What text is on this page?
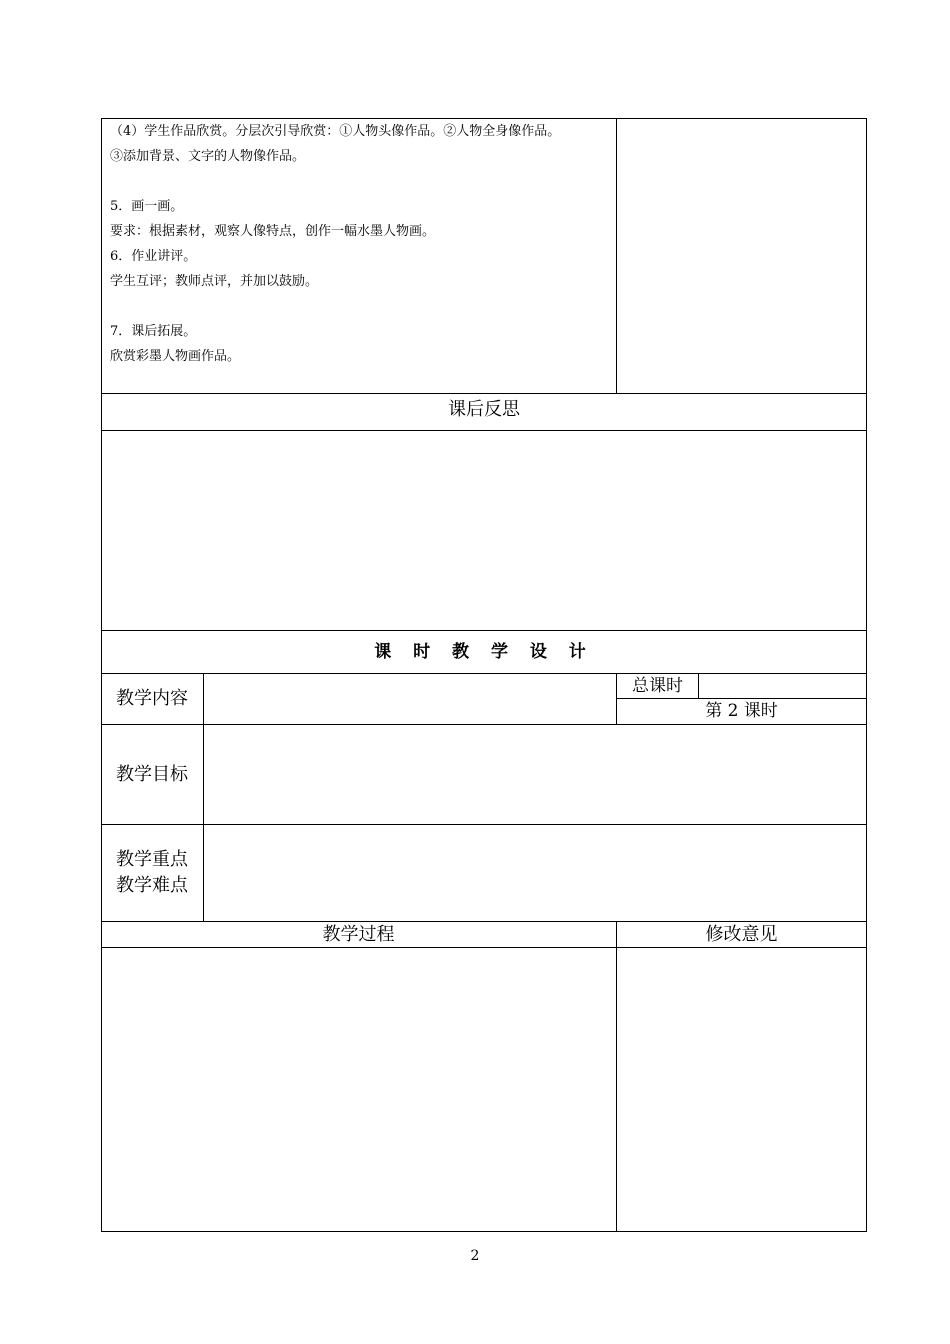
（4）学生作品欣赏。分层次引导欣赏：①人物头像作品。②人物全身像作品。
③添加背景、文字的人物像作品。
5．画一画。
要求：根据素材，观察人像特点，创作一幅水墨人物画。
6．作业讲评。
学生互评；教师点评，并加以鼓励。
7．课后拓展。
欣赏彩墨人物画作品。
课后反思
课 时 教 学 设 计
教学内容
总课时
第 2 课时
教学目标
教学重点
教学难点
教学过程	修改意见
2
